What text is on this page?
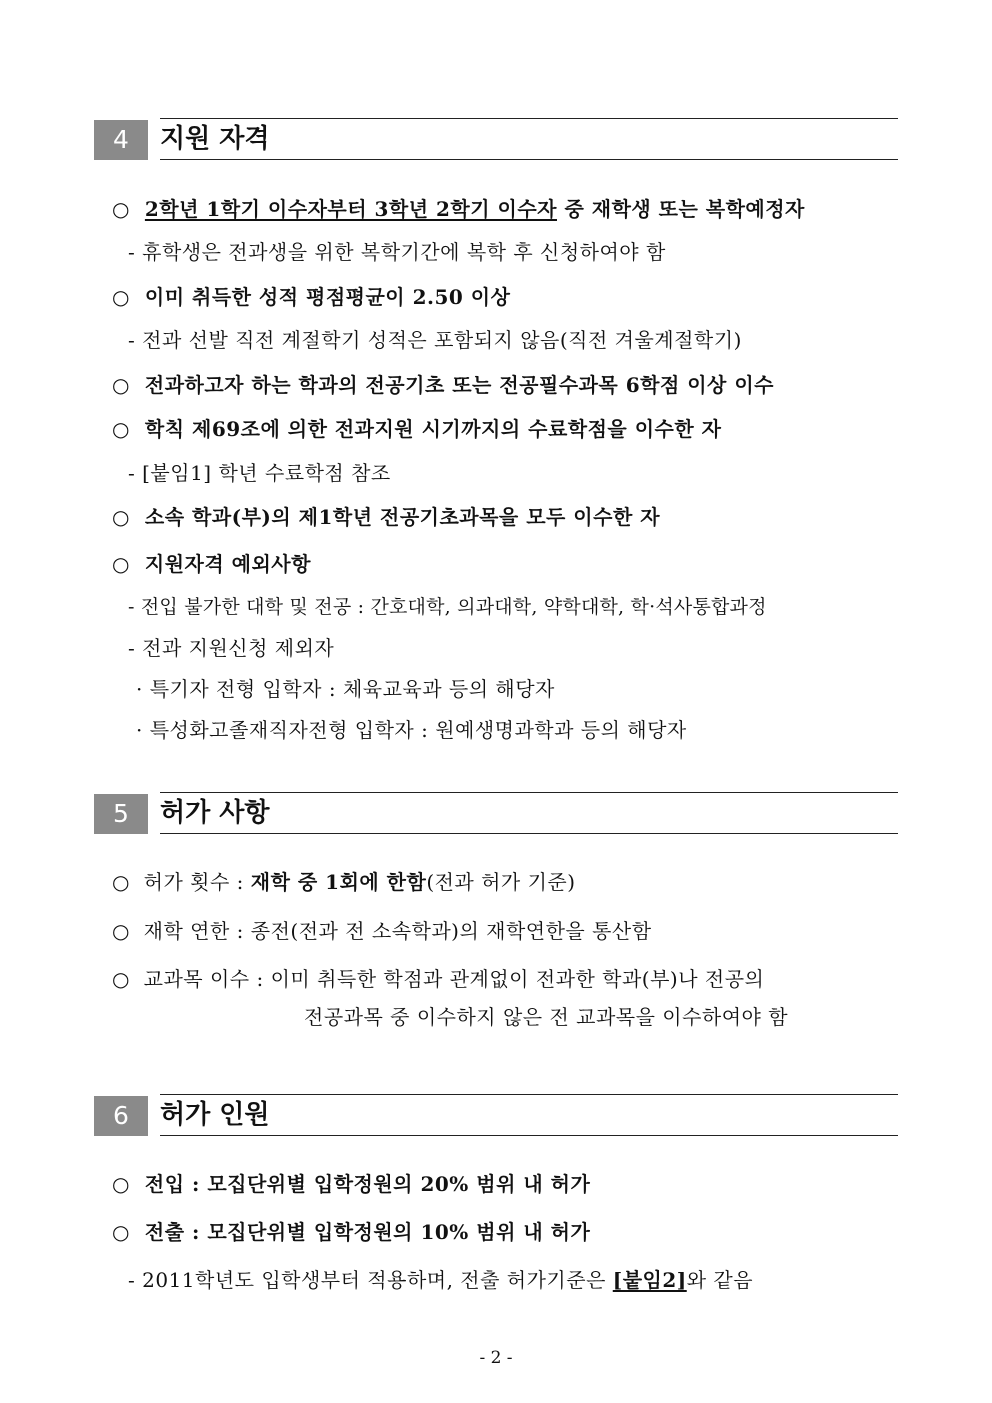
4	지원 자격
○ 2학년 1학기 이수자부터 3학년 2학기 이수자 중 재학생 또는 복학예정자
- 휴학생은 전과생을 위한 복학기간에 복학 후 신청하여야 함
○ 이미 취득한 성적 평점평균이 2.50 이상
- 전과 선발 직전 계절학기 성적은 포함되지 않음(직전 겨울계절학기)
○ 전과하고자 하는 학과의 전공기초 또는 전공필수과목 6학점 이상 이수
○ 학칙 제69조에 의한 전과지원 시기까지의 수료학점을 이수한 자
- [붙임1] 학년 수료학점 참조
○ 소속 학과(부)의 제1학년 전공기초과목을 모두 이수한 자
○ 지원자격 예외사항
- 전입 불가한 대학 및 전공 : 간호대학, 의과대학, 약학대학, 학·석사통합과정
- 전과 지원신청 제외자
· 특기자 전형 입학자 : 체육교육과 등의 해당자
· 특성화고졸재직자전형 입학자 : 원예생명과학과 등의 해당자
5	허가 사항
○ 허가 횟수 : 재학 중 1회에 한함(전과 허가 기준)
○ 재학 연한 : 종전(전과 전 소속학과)의 재학연한을 통산함
○ 교과목 이수 : 이미 취득한 학점과 관계없이 전과한 학과(부)나 전공의
전공과목 중 이수하지 않은 전 교과목을 이수하여야 함
6	허가 인원
○ 전입 : 모집단위별 입학정원의 20% 범위 내 허가
○ 전출 : 모집단위별 입학정원의 10% 범위 내 허가
- 2011학년도 입학생부터 적용하며, 전출 허가기준은 [붙임2]와 같음
- 2 -
